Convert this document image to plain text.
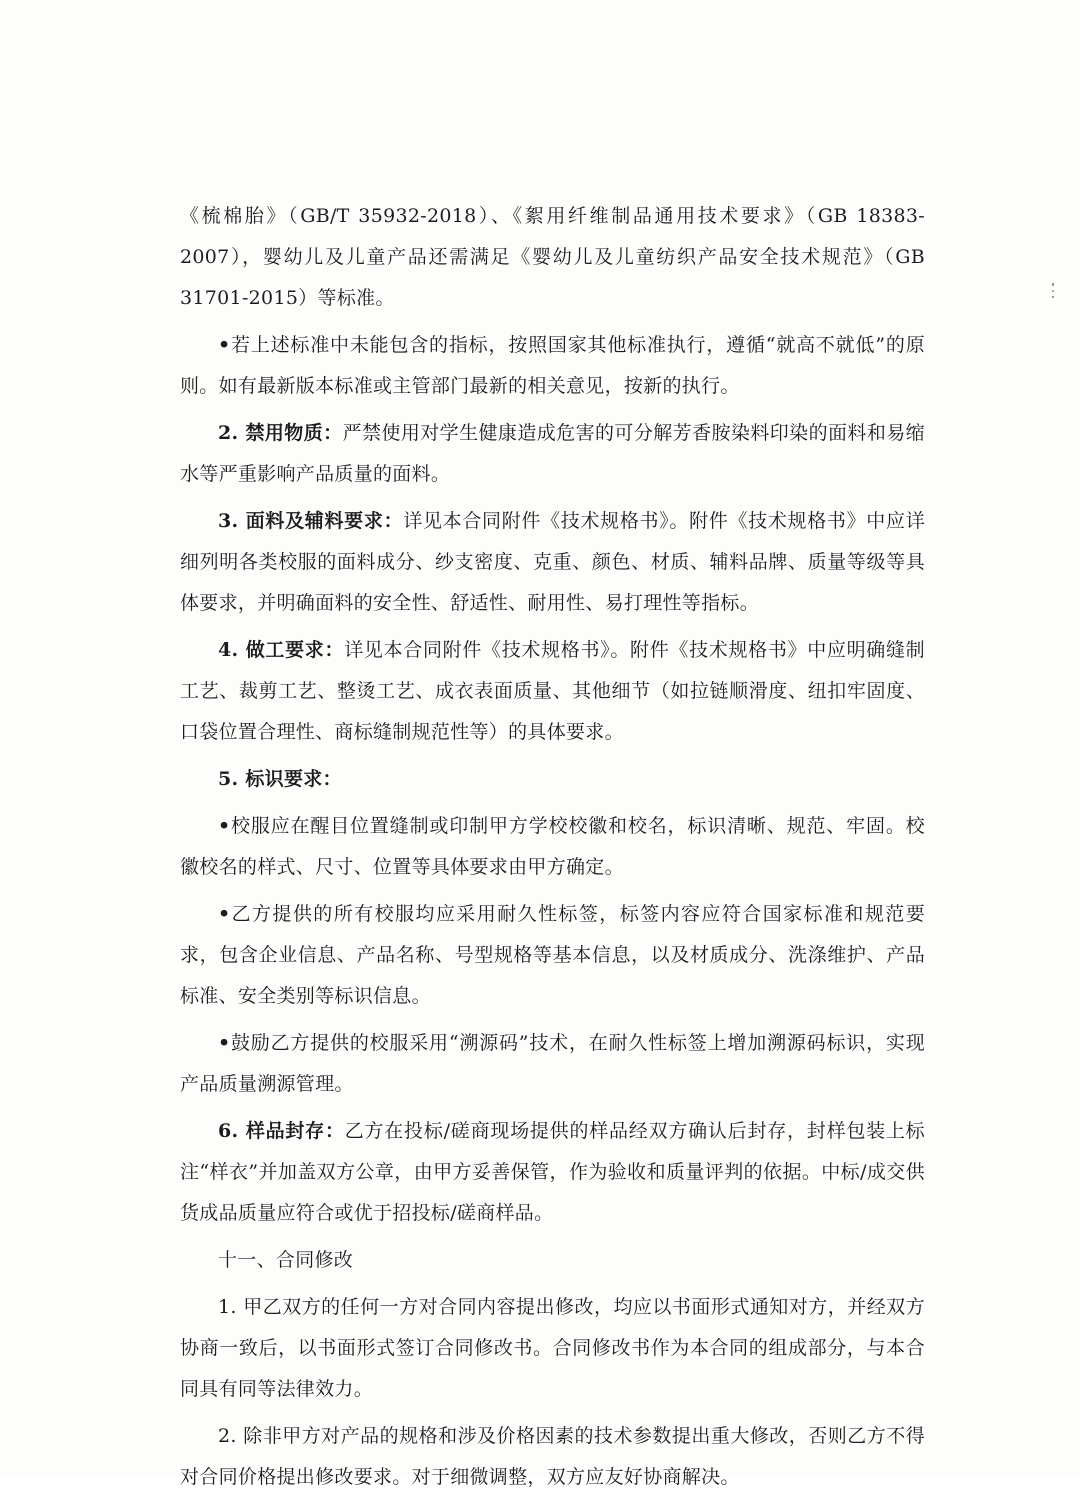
《梳棉胎》（GB/T 35932-2018）、《絮用纤维制品通用技术要求》（GB 18383-2007），婴幼儿及儿童产品还需满足《婴幼儿及儿童纺织产品安全技术规范》（GB 31701-2015）等标准。

•若上述标准中未能包含的指标，按照国家其他标准执行，遵循“就高不就低”的原则。如有最新版本标准或主管部门最新的相关意见，按新的执行。

2. 禁用物质：严禁使用对学生健康造成危害的可分解芳香胺染料印染的面料和易缩水等严重影响产品质量的面料。

3. 面料及辅料要求：详见本合同附件《技术规格书》。附件《技术规格书》中应详细列明各类校服的面料成分、纱支密度、克重、颜色、材质、辅料品牌、质量等级等具体要求，并明确面料的安全性、舒适性、耐用性、易打理性等指标。

4. 做工要求：详见本合同附件《技术规格书》。附件《技术规格书》中应明确缝制工艺、裁剪工艺、整烫工艺、成衣表面质量、其他细节（如拉链顺滑度、纽扣牢固度、口袋位置合理性、商标缝制规范性等）的具体要求。

5. 标识要求：

•校服应在醒目位置缝制或印制甲方学校校徽和校名，标识清晰、规范、牢固。校徽校名的样式、尺寸、位置等具体要求由甲方确定。

•乙方提供的所有校服均应采用耐久性标签，标签内容应符合国家标准和规范要求，包含企业信息、产品名称、号型规格等基本信息，以及材质成分、洗涤维护、产品标准、安全类别等标识信息。

•鼓励乙方提供的校服采用“溯源码”技术，在耐久性标签上增加溯源码标识，实现产品质量溯源管理。

6. 样品封存：乙方在投标/磋商现场提供的样品经双方确认后封存，封样包装上标注“样衣”并加盖双方公章，由甲方妥善保管，作为验收和质量评判的依据。中标/成交供货成品质量应符合或优于招投标/磋商样品。

十一、合同修改

1. 甲乙双方的任何一方对合同内容提出修改，均应以书面形式通知对方，并经双方协商一致后，以书面形式签订合同修改书。合同修改书作为本合同的组成部分，与本合同具有同等法律效力。

2. 除非甲方对产品的规格和涉及价格因素的技术参数提出重大修改，否则乙方不得对合同价格提出修改要求。对于细微调整，双方应友好协商解决。
